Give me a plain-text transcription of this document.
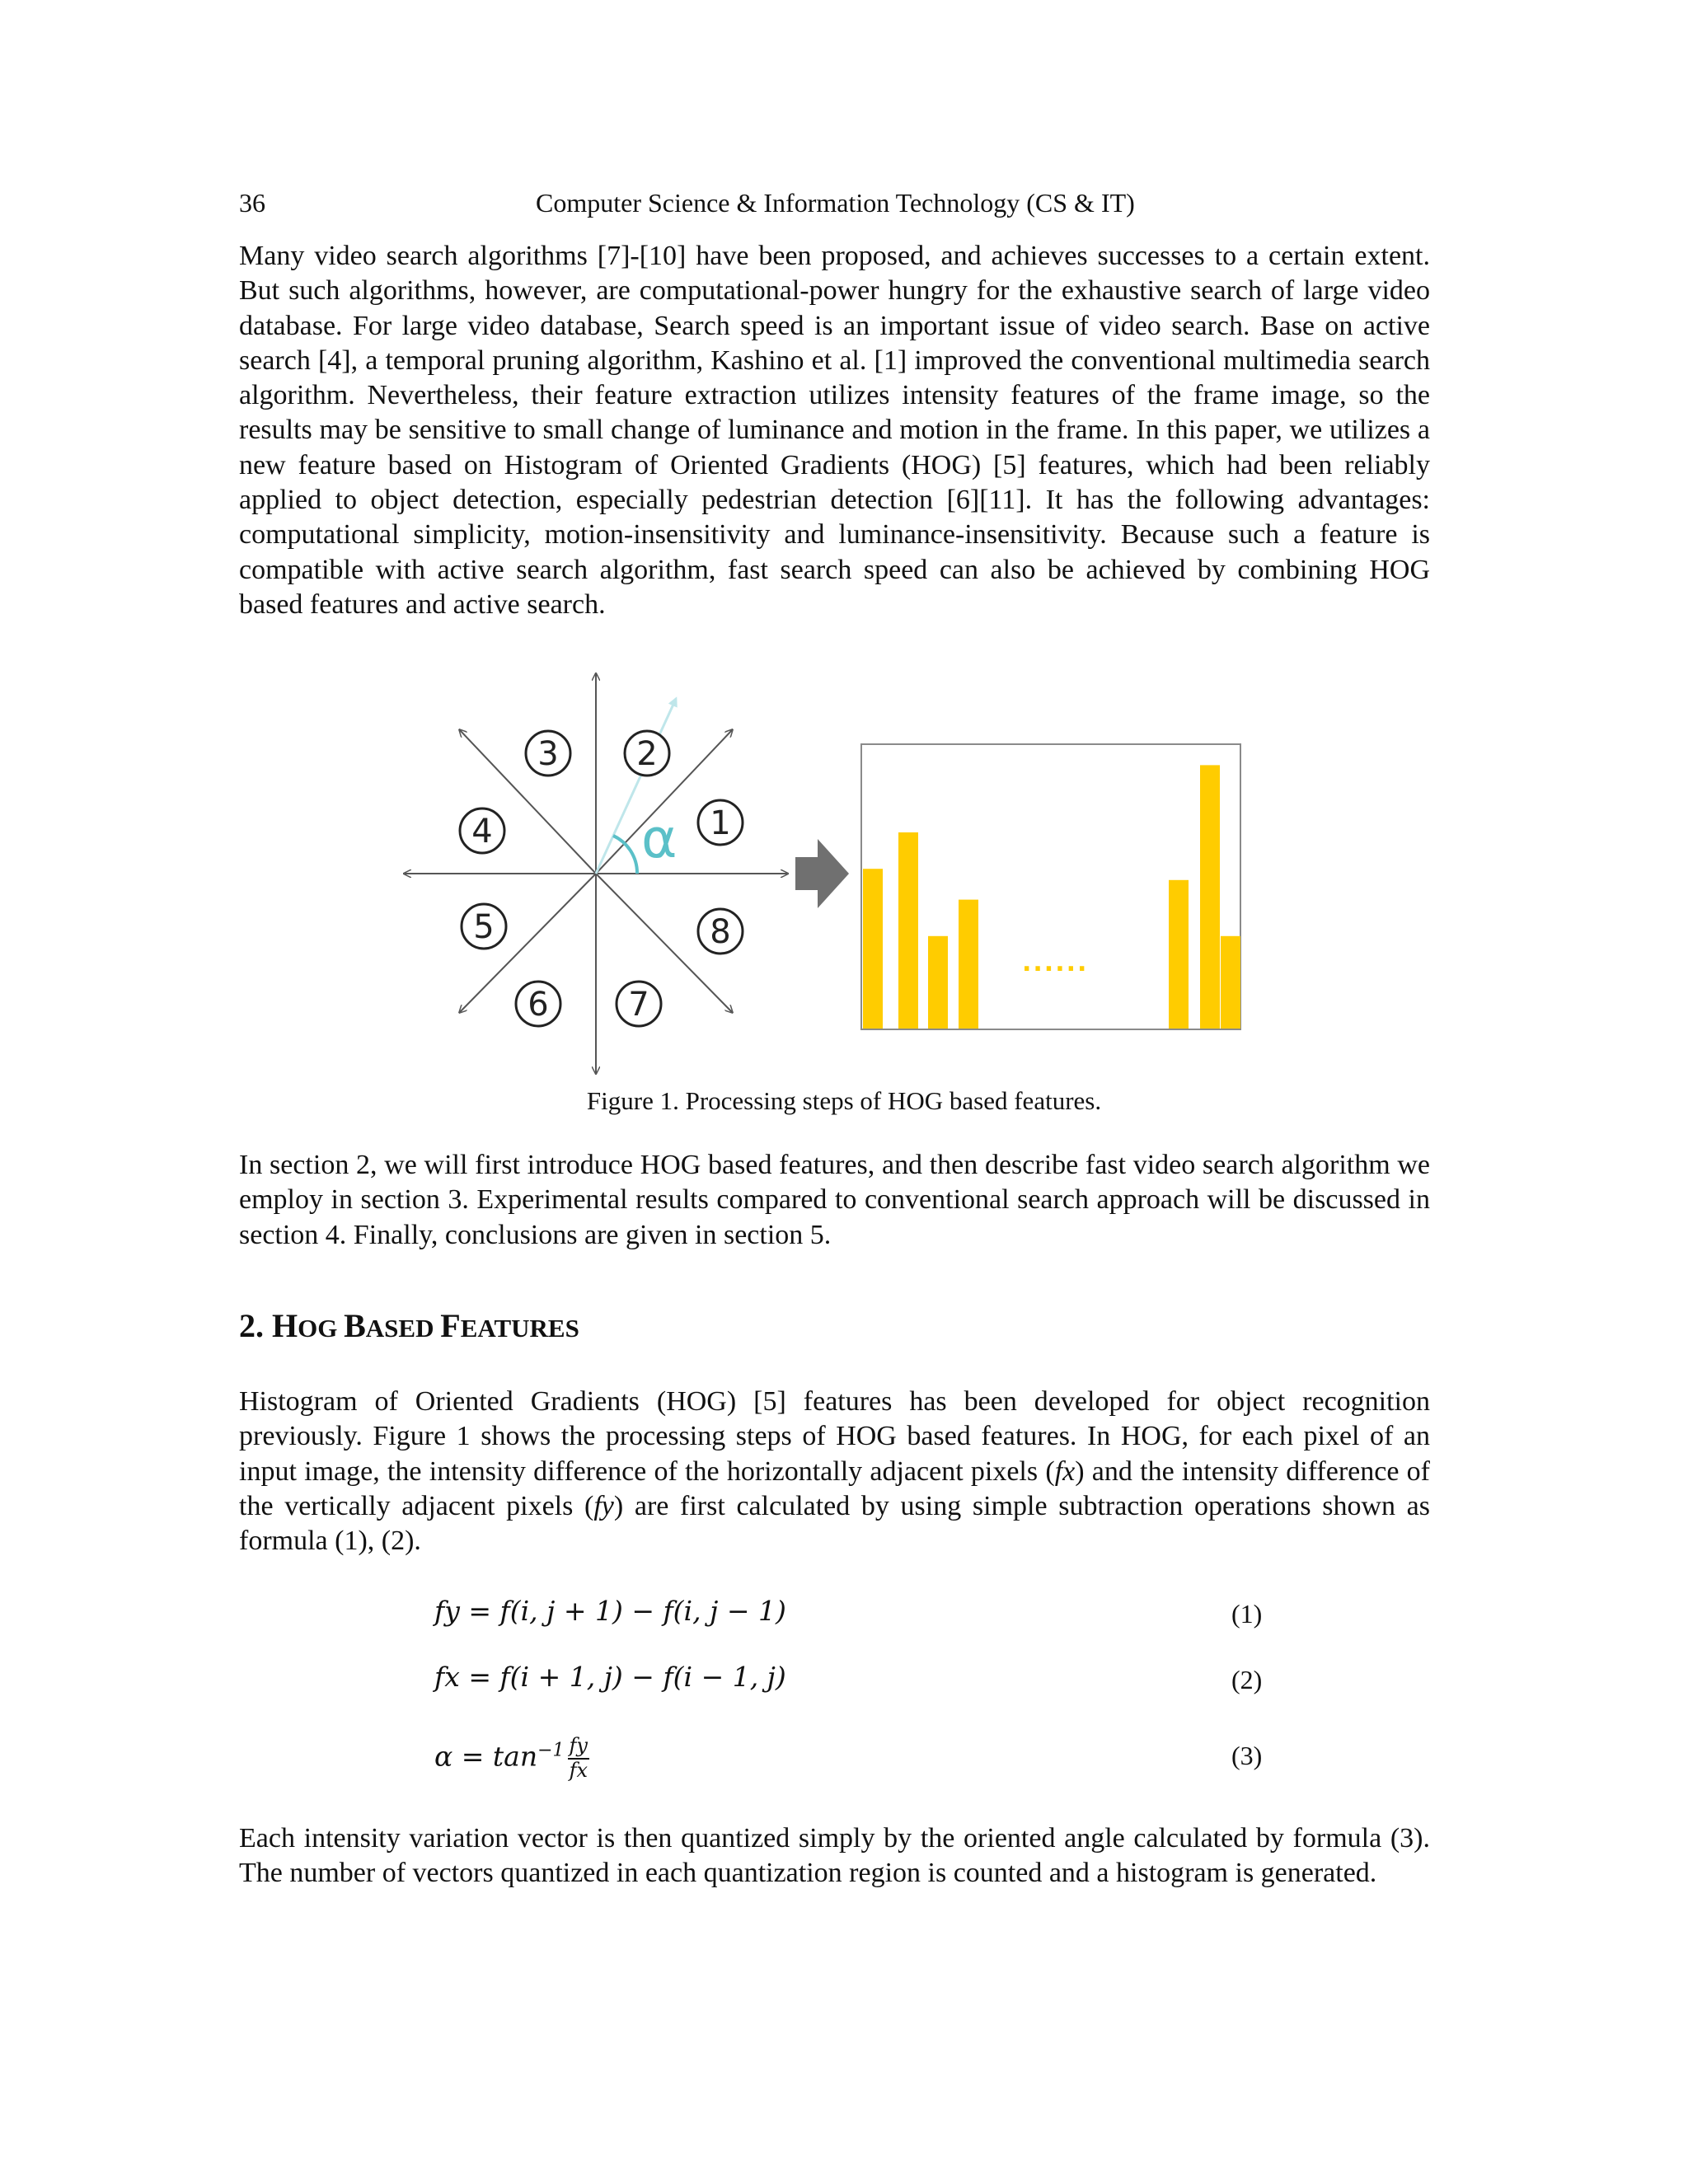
36	Computer Science & Information Technology (CS & IT)

Many video search algorithms [7]-[10] have been proposed, and achieves successes to a certain extent. But such algorithms, however, are computational-power hungry for the exhaustive search of large video database. For large video database, Search speed is an important issue of video search. Base on active search [4], a temporal pruning algorithm, Kashino et al. [1] improved the conventional multimedia search algorithm. Nevertheless, their feature extraction utilizes intensity features of the frame image, so the results may be sensitive to small change of luminance and motion in the frame. In this paper, we utilizes a new feature based on Histogram of Oriented Gradients (HOG) [5] features, which had been reliably applied to object detection, especially pedestrian detection [6][11]. It has the following advantages: computational simplicity, motion-insensitivity and luminance-insensitivity. Because such a feature is compatible with active search algorithm, fast search speed can also be achieved by combining HOG based features and active search.

α 1
2
3
4
5
6 7
8
......
Figure 1. Processing steps of HOG based features.

In section 2, we will first introduce HOG based features, and then describe fast video search algorithm we employ in section 3. Experimental results compared to conventional search approach will be discussed in section 4. Finally, conclusions are given in section 5.

2. HOG BASED FEATURES

Histogram of Oriented Gradients (HOG) [5] features has been developed for object recognition previously. Figure 1 shows the processing steps of HOG based features. In HOG, for each pixel of an input image, the intensity difference of the horizontally adjacent pixels (fx) and the intensity difference of the vertically adjacent pixels (fy) are first calculated by using simple subtraction operations shown as formula (1), (2).

fy = f(i, j + 1) − f(i, j − 1)	(1)
fx = f(i + 1, j) − f(i − 1, j)	(2)
$\alpha = \tan^{-1} \frac{fy}{fx}$	(3)

Each intensity variation vector is then quantized simply by the oriented angle calculated by formula (3). The number of vectors quantized in each quantization region is counted and a histogram is generated.
